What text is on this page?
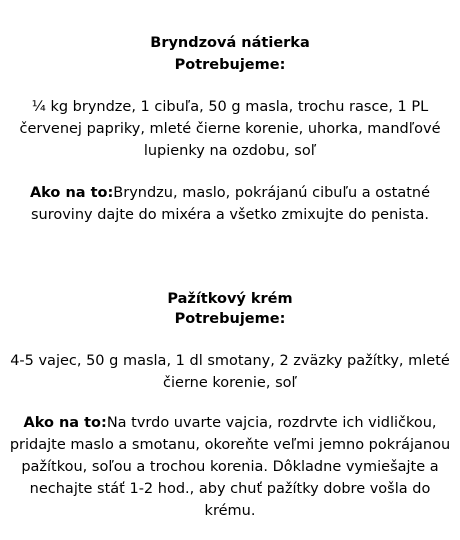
Bryndzová nátierka
Potrebujeme:

¼ kg bryndze, 1 cibuľa, 50 g masla, trochu rasce, 1 PL červenej papriky, mleté čierne korenie, uhorka, mandľové lupienky na ozdobu, soľ

Ako na to:Bryndzu, maslo, pokrájanú cibuľu a ostatné suroviny dajte do mixéra a všetko zmixujte do penista.

Pažítkový krém
Potrebujeme:

4-5 vajec, 50 g masla, 1 dl smotany, 2 zväzky pažítky, mleté čierne korenie, soľ

Ako na to:Na tvrdo uvarte vajcia, rozdrvte ich vidličkou, pridajte maslo a smotanu, okoreňte veľmi jemno pokrájanou pažítkou, soľou a trochou korenia. Dôkladne vymiešajte a nechajte stáť 1-2 hod., aby chuť pažítky dobre vošla do krému.
